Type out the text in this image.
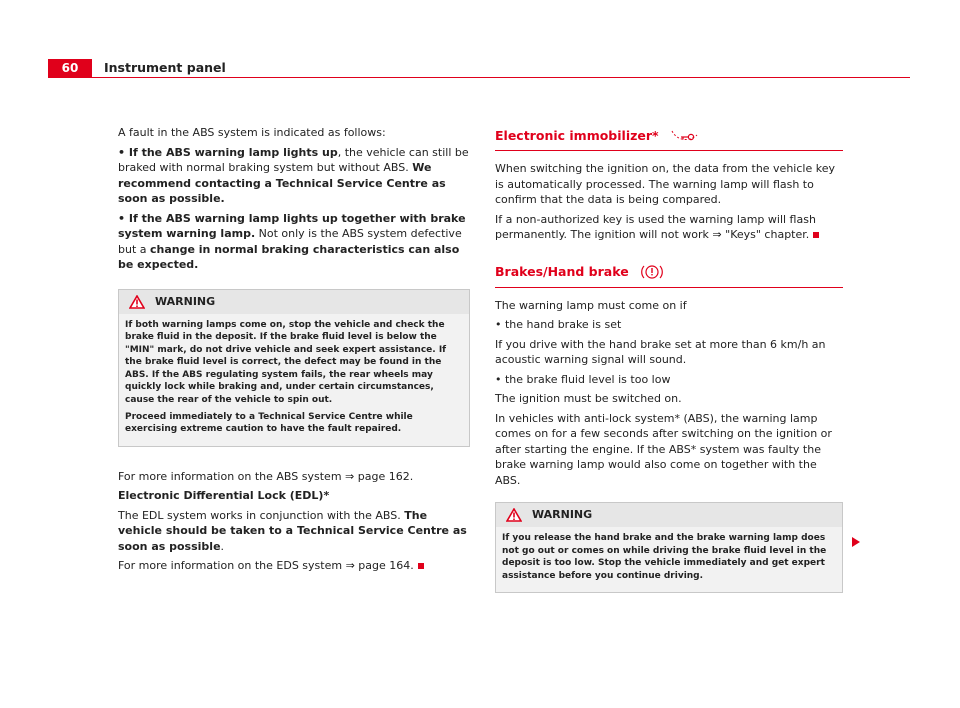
60	Instrument panel

A fault in the ABS system is indicated as follows:

• If the ABS warning lamp lights up, the vehicle can still be braked with normal braking system but without ABS. We recommend contacting a Technical Service Centre as soon as possible.

• If the ABS warning lamp lights up together with brake system warning lamp. Not only is the ABS system defective but a change in normal braking characteristics can also be expected.

WARNING

If both warning lamps come on, stop the vehicle and check the brake fluid in the deposit. If the brake fluid level is below the "MIN" mark, do not drive vehicle and seek expert assistance. If the brake fluid level is correct, the defect may be found in the ABS. If the ABS regulating system fails, the rear wheels may quickly lock while braking and, under certain circumstances, cause the rear of the vehicle to spin out.

Proceed immediately to a Technical Service Centre while exercising extreme caution to have the fault repaired.

For more information on the ABS system ⇒ page 162.

Electronic Differential Lock (EDL)*

The EDL system works in conjunction with the ABS. The vehicle should be taken to a Technical Service Centre as soon as possible.

For more information on the EDS system ⇒ page 164.

Electronic immobilizer*

When switching the ignition on, the data from the vehicle key is automatically processed. The warning lamp will flash to confirm that the data is being compared.

If a non-authorized key is used the warning lamp will flash permanently. The ignition will not work ⇒ "Keys" chapter.

Brakes/Hand brake

The warning lamp must come on if

• the hand brake is set

If you drive with the hand brake set at more than 6 km/h an acoustic warning signal will sound.

• the brake fluid level is too low

The ignition must be switched on.

In vehicles with anti-lock system* (ABS), the warning lamp comes on for a few seconds after switching on the ignition or after starting the engine. If the ABS* system was faulty the brake warning lamp would also come on together with the ABS.

WARNING

If you release the hand brake and the brake warning lamp does not go out or comes on while driving the brake fluid level in the deposit is too low. Stop the vehicle immediately and get expert assistance before you continue driving.
